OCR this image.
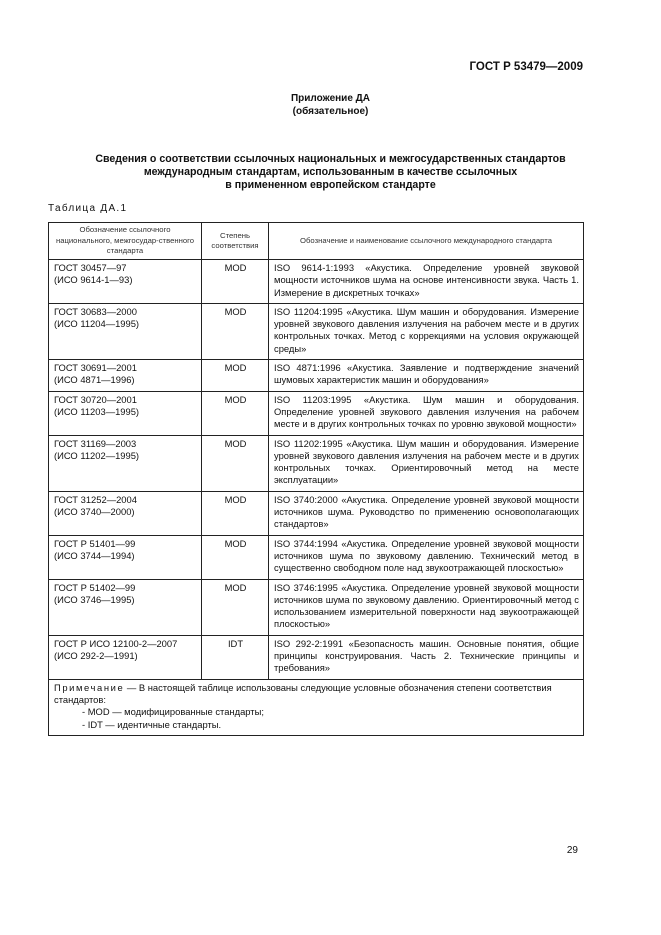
ГОСТ Р 53479—2009
Приложение ДА
(обязательное)
Сведения о соответствии ссылочных национальных и межгосударственных стандартов
международным стандартам, использованным в качестве ссылочных
в примененном европейском стандарте
Таблица ДА.1
Обозначение ссылочного национального, межгосудар-ственного стандарта	Степень соответствия	Обозначение и наименование ссылочного международного стандарта

ГОСТ 30457—97
(ИСО 9614-1—93)	MOD	ISO 9614-1:1993 «Акустика. Определение уровней звуковой мощности источников шума на основе интенсивности звука. Часть 1. Измерение в дискретных точках»

ГОСТ 30683—2000
(ИСО 11204—1995)	MOD	ISO 11204:1995 «Акустика. Шум машин и оборудования. Измерение уровней звукового давления излучения на рабочем месте и в других контрольных точках. Метод с коррекциями на условия окружающей среды»

ГОСТ 30691—2001
(ИСО 4871—1996)	MOD	ISO 4871:1996 «Акустика. Заявление и подтверждение значений шумовых характеристик машин и оборудования»

ГОСТ 30720—2001
(ИСО 11203—1995)	MOD	ISO 11203:1995 «Акустика. Шум машин и оборудования. Определение уровней звукового давления излучения на рабочем месте и в других контрольных точках по уровню звуковой мощности»

ГОСТ 31169—2003
(ИСО 11202—1995)	MOD	ISO 11202:1995 «Акустика. Шум машин и оборудования. Измерение уровней звукового давления излучения на рабочем месте и в других контрольных точках. Ориентировочный метод на месте эксплуатации»

ГОСТ 31252—2004
(ИСО 3740—2000)	MOD	ISO 3740:2000 «Акустика. Определение уровней звуковой мощности источников шума. Руководство по применению основополагающих стандартов»

ГОСТ Р 51401—99
(ИСО 3744—1994)	MOD	ISO 3744:1994 «Акустика. Определение уровней звуковой мощности источников шума по звуковому давлению. Технический метод в существенно свободном поле над звукоотражающей плоскостью»

ГОСТ Р 51402—99
(ИСО 3746—1995)	MOD	ISO 3746:1995 «Акустика. Определение уровней звуковой мощности источников шума по звуковому давлению. Ориентировочный метод с использованием измерительной поверхности над звукоотражающей плоскостью»

ГОСТ Р ИСО 12100-2—2007
(ИСО 292-2—1991)	IDT	ISO 292-2:1991 «Безопасность машин. Основные понятия, общие принципы конструирования. Часть 2. Технические принципы и требования»

Примечание — В настоящей таблице использованы следующие условные обозначения степени соответствия стандартов:
- MOD — модифицированные стандарты;
- IDT — идентичные стандарты.		
29
